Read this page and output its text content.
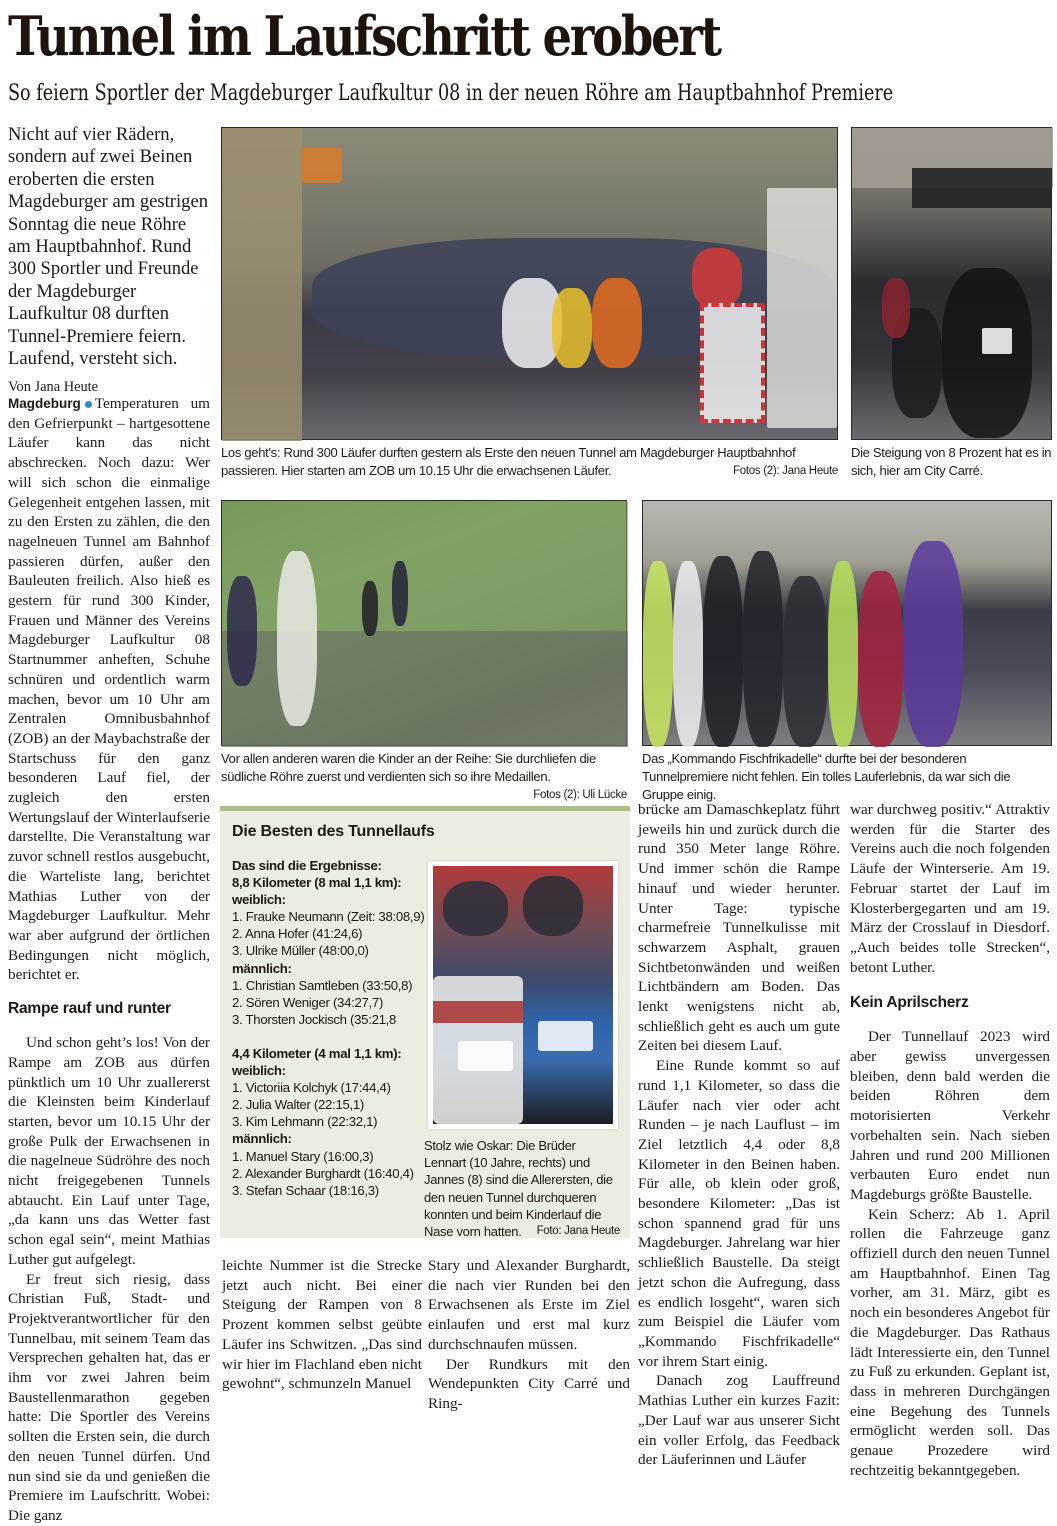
Tunnel im Laufschritt erobert
So feiern Sportler der Magdeburger Laufkultur 08 in der neuen Röhre am Hauptbahnhof Premiere
Nicht auf vier Rädern, sondern auf zwei Beinen eroberten die ersten Magdeburger am gestrigen Sonntag die neue Röhre am Hauptbahnhof. Rund 300 Sportler und Freunde der Magdeburger Laufkultur 08 durften Tunnel-Premiere feiern. Laufend, versteht sich.
Von Jana Heute

Magdeburg Temperaturen um den Gefrierpunkt – hartgesottene Läufer kann das nicht abschrecken. Noch dazu: Wer will sich schon die einmalige Gelegenheit entgehen lassen, mit zu den Ersten zu zählen, die den nagelneuen Tunnel am Bahnhof passieren dürfen, außer den Bauleuten freilich. Also hieß es gestern für rund 300 Kinder, Frauen und Männer des Vereins Magdeburger Laufkultur 08 Startnummer anheften, Schuhe schnüren und ordentlich warm machen, bevor um 10 Uhr am Zentralen Omnibusbahnhof (ZOB) an der Maybachstraße der Startschuss für den ganz besonderen Lauf fiel, der zugleich den ersten Wertungslauf der Winterlaufserie darstellte. Die Veranstaltung war zuvor schnell restlos ausgebucht, die Warteliste lang, berichtet Mathias Luther von der Magdeburger Laufkultur. Mehr war aber aufgrund der örtlichen Bedingungen nicht möglich, berichtet er.

Rampe rauf und runter

Und schon geht’s los! Von der Rampe am ZOB aus dürfen pünktlich um 10 Uhr zuallererst die Kleinsten beim Kinderlauf starten, bevor um 10.15 Uhr der große Pulk der Erwachsenen in die nagelneue Südröhre des noch nicht freigegebenen Tunnels abtaucht. Ein Lauf unter Tage, „da kann uns das Wetter fast schon egal sein“, meint Mathias Luther gut aufgelegt.

Er freut sich riesig, dass Christian Fuß, Stadt- und Projektverantwortlicher für den Tunnelbau, mit seinem Team das Versprechen gehalten hat, das er ihm vor zwei Jahren beim Baustellenmarathon gegeben hatte: Die Sportler des Vereins sollten die Ersten sein, die durch den neuen Tunnel dürfen. Und nun sind sie da und genießen die Premiere im Laufschritt. Wobei: Die ganz

Los geht's: Rund 300 Läufer durften gestern als Erste den neuen Tunnel am Magdeburger Hauptbahnhof passieren. Hier starten am ZOB um 10.15 Uhr die erwachsenen Läufer.	Fotos (2): Jana Heute
Die Steigung von 8 Prozent hat es in sich, hier am City Carré.
Vor allen anderen waren die Kinder an der Reihe: Sie durchliefen die südliche Röhre zuerst und verdienten sich so ihre Medaillen.
Fotos (2): Uli Lücke
Das „Kommando Fischfrikadelle“ durfte bei der besonderen Tunnelpremiere nicht fehlen. Ein tolles Lauferlebnis, da war sich die Gruppe einig.
Die Besten des Tunnellaufs
Das sind die Ergebnisse:
8,8 Kilometer (8 mal 1,1 km):
weiblich:
1. Frauke Neumann (Zeit: 38:08,9)
2. Anna Hofer (41:24,6)
3. Ulrike Müller (48:00,0)
männlich:
1. Christian Samtleben (33:50,8)
2. Sören Weniger (34:27,7)
3. Thorsten Jockisch (35:21,8
4,4 Kilometer (4 mal 1,1 km):
weiblich:
1. Victoriia Kolchyk (17:44,4)
2. Julia Walter (22:15,1)
3. Kim Lehmann (22:32,1)
männlich:
1. Manuel Stary (16:00,3)
2. Alexander Burghardt (16:40,4)
3. Stefan Schaar (18:16,3)
Stolz wie Oskar: Die Brüder Lennart (10 Jahre, rechts) und Jannes (8) sind die Allerersten, die den neuen Tunnel durchqueren konnten und beim Kinderlauf die Nase vorn hatten. Foto: Jana Heute

leichte Nummer ist die Strecke jetzt auch nicht. Bei einer Steigung der Rampen von 8 Prozent kommen selbst geübte Läufer ins Schwitzen. „Das sind wir hier im Flachland eben nicht gewohnt“, schmunzeln Manuel

Stary und Alexander Burghardt, die nach vier Runden bei den Erwachsenen als Erste im Ziel einlaufen und erst mal kurz durchschnaufen müssen.

Der Rundkurs mit den Wendepunkten City Carré und Ring-

brücke am Damaschkeplatz führt jeweils hin und zurück durch die rund 350 Meter lange Röhre. Und immer schön die Rampe hinauf und wieder herunter. Unter Tage: typische charmefreie Tunnelkulisse mit schwarzem Asphalt, grauen Sichtbetonwänden und weißen Lichtbändern am Boden. Das lenkt wenigstens nicht ab, schließlich geht es auch um gute Zeiten bei diesem Lauf.

Eine Runde kommt so auf rund 1,1 Kilometer, so dass die Läufer nach vier oder acht Runden – je nach Lauflust – im Ziel letztlich 4,4 oder 8,8 Kilometer in den Beinen haben. Für alle, ob klein oder groß, besondere Kilometer: „Das ist schon spannend grad für uns Magdeburger. Jahrelang war hier schließlich Baustelle. Da steigt jetzt schon die Aufregung, dass es endlich losgeht“, waren sich zum Beispiel die Läufer vom „Kommando Fischfrikadelle“ vor ihrem Start einig.

Danach zog Lauffreund Mathias Luther ein kurzes Fazit: „Der Lauf war aus unserer Sicht ein voller Erfolg, das Feedback der Läuferinnen und Läufer

war durchweg positiv.“ Attraktiv werden für die Starter des Vereins auch die noch folgenden Läufe der Winterserie. Am 19. Februar startet der Lauf im Klosterbergegarten und am 19. März der Crosslauf in Diesdorf. „Auch beides tolle Strecken“, betont Luther.

Kein Aprilscherz

Der Tunnellauf 2023 wird aber gewiss unvergessen bleiben, denn bald werden die beiden Röhren dem motorisierten Verkehr vorbehalten sein. Nach sieben Jahren und rund 200 Millionen verbauten Euro endet nun Magdeburgs größte Baustelle.

Kein Scherz: Ab 1. April rollen die Fahrzeuge ganz offiziell durch den neuen Tunnel am Hauptbahnhof. Einen Tag vorher, am 31. März, gibt es noch ein besonderes Angebot für die Magdeburger. Das Rathaus lädt Interessierte ein, den Tunnel zu Fuß zu erkunden. Geplant ist, dass in mehreren Durchgängen eine Begehung des Tunnels ermöglicht werden soll. Das genaue Prozedere wird rechtzeitig bekanntgegeben.
